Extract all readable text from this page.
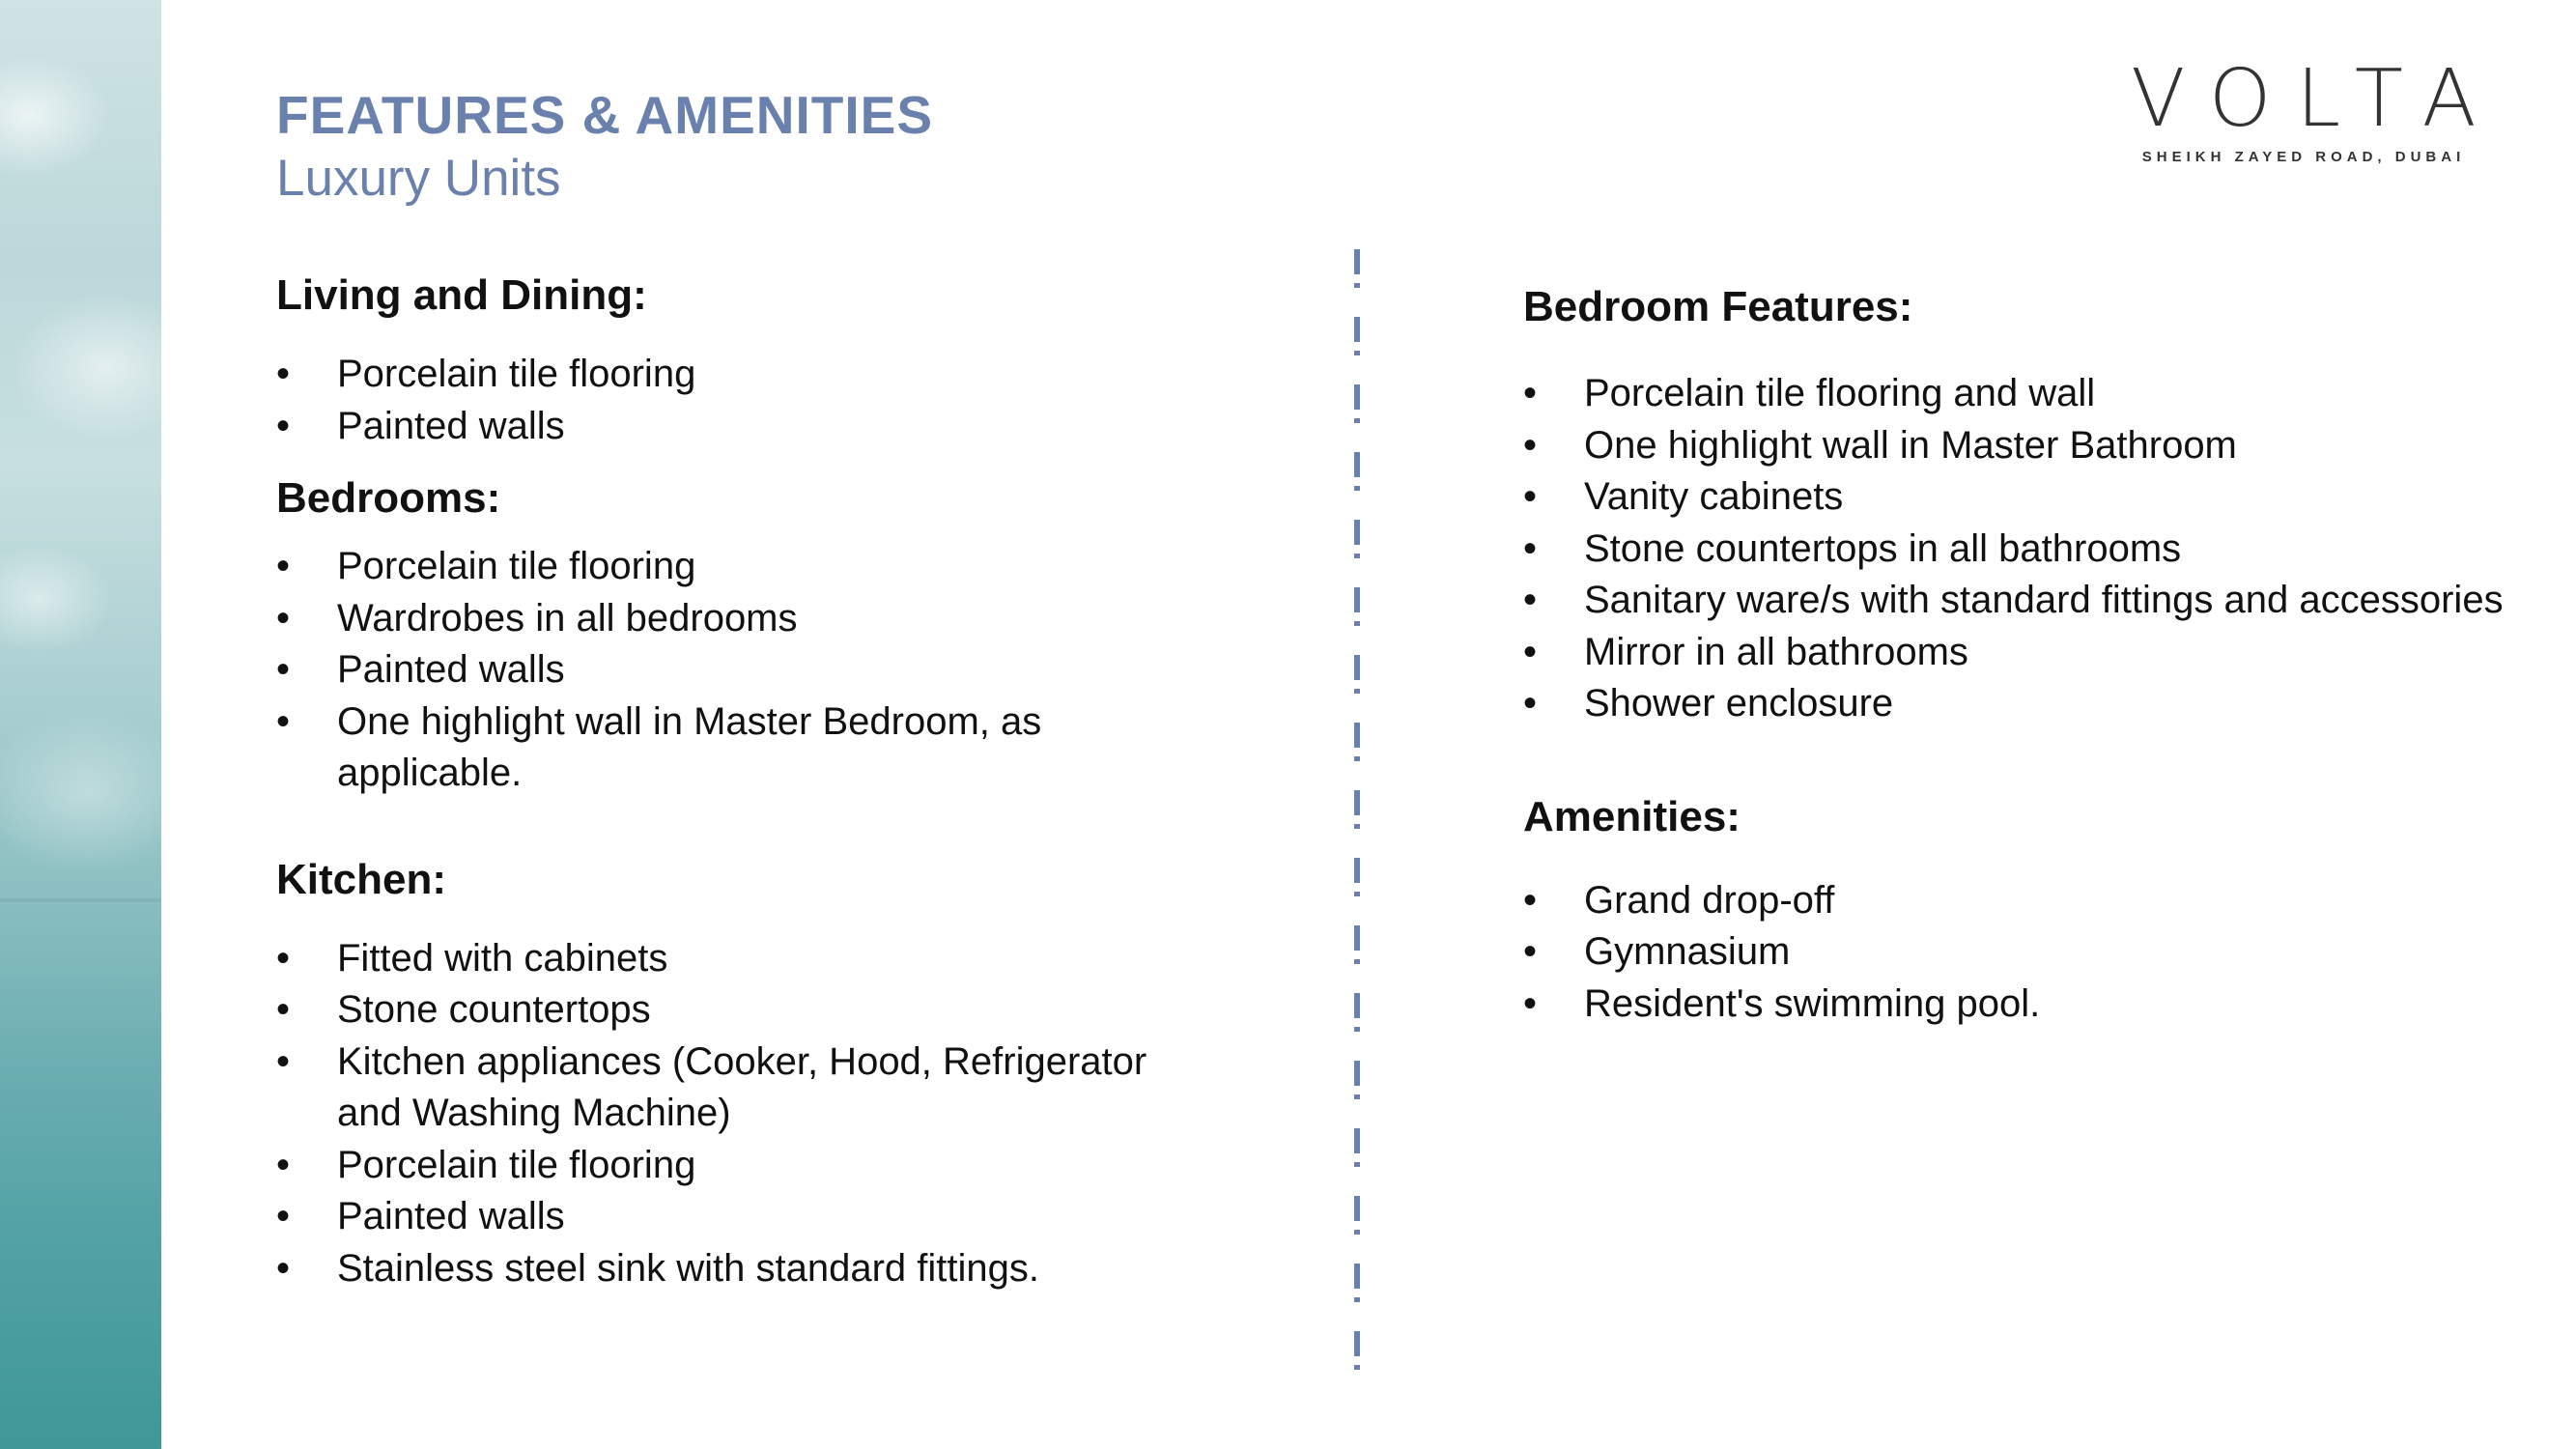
FEATURES & AMENITIES
Luxury Units
VOLTA
SHEIKH ZAYED ROAD, DUBAI
Living and Dining:
• Porcelain tile flooring
• Painted walls
Bedrooms:
• Porcelain tile flooring
• Wardrobes in all bedrooms
• Painted walls
• One highlight wall in Master Bedroom, as applicable.
Kitchen:
• Fitted with cabinets
• Stone countertops
• Kitchen appliances (Cooker, Hood, Refrigerator and Washing Machine)
• Porcelain tile flooring
• Painted walls
• Stainless steel sink with standard fittings.
Bedroom Features:
• Porcelain tile flooring and wall
• One highlight wall in Master Bathroom
• Vanity cabinets
• Stone countertops in all bathrooms
• Sanitary ware/s with standard fittings and accessories
• Mirror in all bathrooms
• Shower enclosure
Amenities:
• Grand drop-off
• Gymnasium
• Resident's swimming pool.
